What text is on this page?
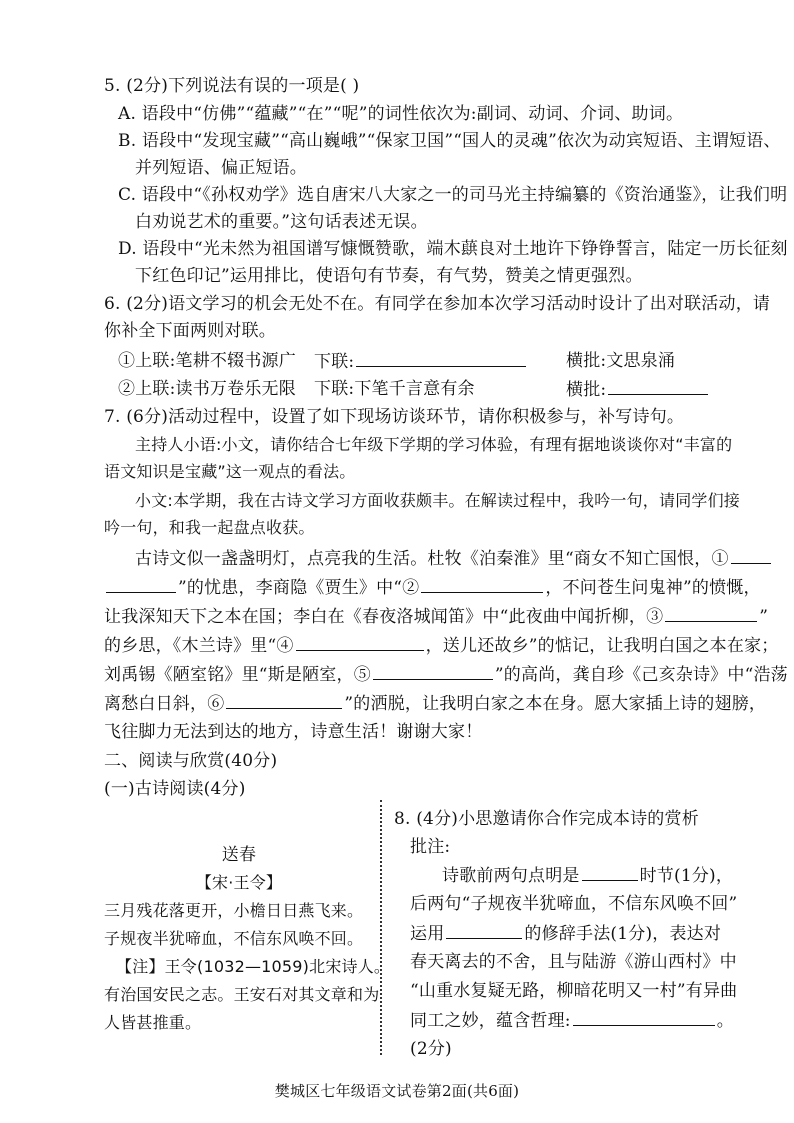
5. (2分)下列说法有误的一项是( )
A. 语段中“仿佛”“蕴藏”“在”“呢”的词性依次为:副词、动词、介词、助词。
B. 语段中“发现宝藏”“高山巍峨”“保家卫国”“国人的灵魂”依次为动宾短语、主谓短语、
并列短语、偏正短语。
C. 语段中“《孙权劝学》选自唐宋八大家之一的司马光主持编纂的《资治通鉴》，让我们明
白劝说艺术的重要。”这句话表述无误。
D. 语段中“光未然为祖国谱写慷慨赞歌，端木蕻良对土地许下铮铮誓言，陆定一历长征刻
下红色印记”运用排比，使语句有节奏，有气势，赞美之情更强烈。
6. (2分)语文学习的机会无处不在。有同学在参加本次学习活动时设计了出对联活动，请
你补全下面两则对联。
①上联:笔耕不辍书源广 下联:	横批:文思泉涌
②上联:读书万卷乐无限 下联:下笔千言意有余	横批:
7. (6分)活动过程中，设置了如下现场访谈环节，请你积极参与，补写诗句。
主持人小语:小文，请你结合七年级下学期的学习体验，有理有据地谈谈你对“丰富的
语文知识是宝藏”这一观点的看法。
小文:本学期，我在古诗文学习方面收获颇丰。在解读过程中，我吟一句，请同学们接
吟一句，和我一起盘点收获。
古诗文似一盏盏明灯，点亮我的生活。杜牧《泊秦淮》里“商女不知亡国恨，①
”的忧患，李商隐《贾生》中“②	，不问苍生问鬼神”的愤慨，
让我深知天下之本在国；李白在《春夜洛城闻笛》中“此夜曲中闻折柳，③	”
的乡思，《木兰诗》里“④	，送儿还故乡”的惦记，让我明白国之本在家；
刘禹锡《陋室铭》里“斯是陋室，⑤	”的高尚，龚自珍《己亥杂诗》中“浩荡
离愁白日斜，⑥	”的洒脱，让我明白家之本在身。愿大家插上诗的翅膀，
飞往脚力无法到达的地方，诗意生活！谢谢大家！
二、阅读与欣赏(40分)
(一)古诗阅读(4分)
送春
【宋·王令】
三月残花落更开，小檐日日燕飞来。
子规夜半犹啼血，不信东风唤不回。
【注】王令(1032—1059)北宋诗人。
有治国安民之志。王安石对其文章和为
人皆甚推重。
8. (4分)小思邀请你合作完成本诗的赏析
批注:
诗歌前两句点明是	时节(1分)，
后两句“子规夜半犹啼血，不信东风唤不回”
运用	的修辞手法(1分)，表达对
春天离去的不舍，且与陆游《游山西村》中
“山重水复疑无路，柳暗花明又一村”有异曲
同工之妙，蕴含哲理:	。
(2分)
樊城区七年级语文试卷第2面(共6面)
